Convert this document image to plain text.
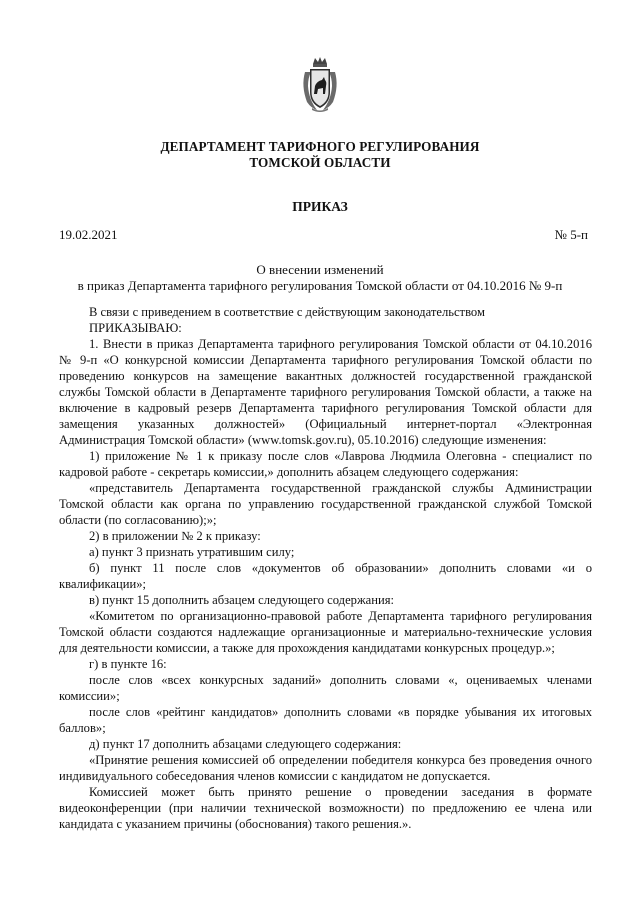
ДЕПАРТАМЕНТ ТАРИФНОГО РЕГУЛИРОВАНИЯ
ТОМСКОЙ ОБЛАСТИ
ПРИКАЗ
19.02.2021	№ 5-п
О внесении изменений
в приказ Департамента тарифного регулирования Томской области от 04.10.2016 № 9-п

В связи с приведением в соответствие с действующим законодательством

ПРИКАЗЫВАЮ:

1. Внести в приказ Департамента тарифного регулирования Томской области от 04.10.2016 № 9-п «О конкурсной комиссии Департамента тарифного регулирования Томской области по проведению конкурсов на замещение вакантных должностей государственной гражданской службы Томской области в Департаменте тарифного регулирования Томской области, а также на включение в кадровый резерв Департамента тарифного регулирования Томской области для замещения указанных должностей» (Официальный интернет-портал «Электронная Администрация Томской области» (www.tomsk.gov.ru), 05.10.2016) следующие изменения:

1) приложение № 1 к приказу после слов «Лаврова Людмила Олеговна - специалист по кадровой работе - секретарь комиссии,» дополнить абзацем следующего содержания:

«представитель Департамента государственной гражданской службы Администрации Томской области как органа по управлению государственной гражданской службой Томской области (по согласованию);»;

2) в приложении № 2 к приказу:

а) пункт 3 признать утратившим силу;

б) пункт 11 после слов «документов об образовании» дополнить словами «и о квалификации»;

в) пункт 15 дополнить абзацем следующего содержания:

«Комитетом по организационно-правовой работе Департамента тарифного регулирования Томской области создаются надлежащие организационные и материально-технические условия для деятельности комиссии, а также для прохождения кандидатами конкурсных процедур.»;

г) в пункте 16:

после слов «всех конкурсных заданий» дополнить словами «, оцениваемых членами комиссии»;

после слов «рейтинг кандидатов» дополнить словами «в порядке убывания их итоговых баллов»;

д) пункт 17 дополнить абзацами следующего содержания:

«Принятие решения комиссией об определении победителя конкурса без проведения очного индивидуального собеседования членов комиссии с кандидатом не допускается.

Комиссией может быть принято решение о проведении заседания в формате видеоконференции (при наличии технической возможности) по предложению ее члена или кандидата с указанием причины (обоснования) такого решения.».
